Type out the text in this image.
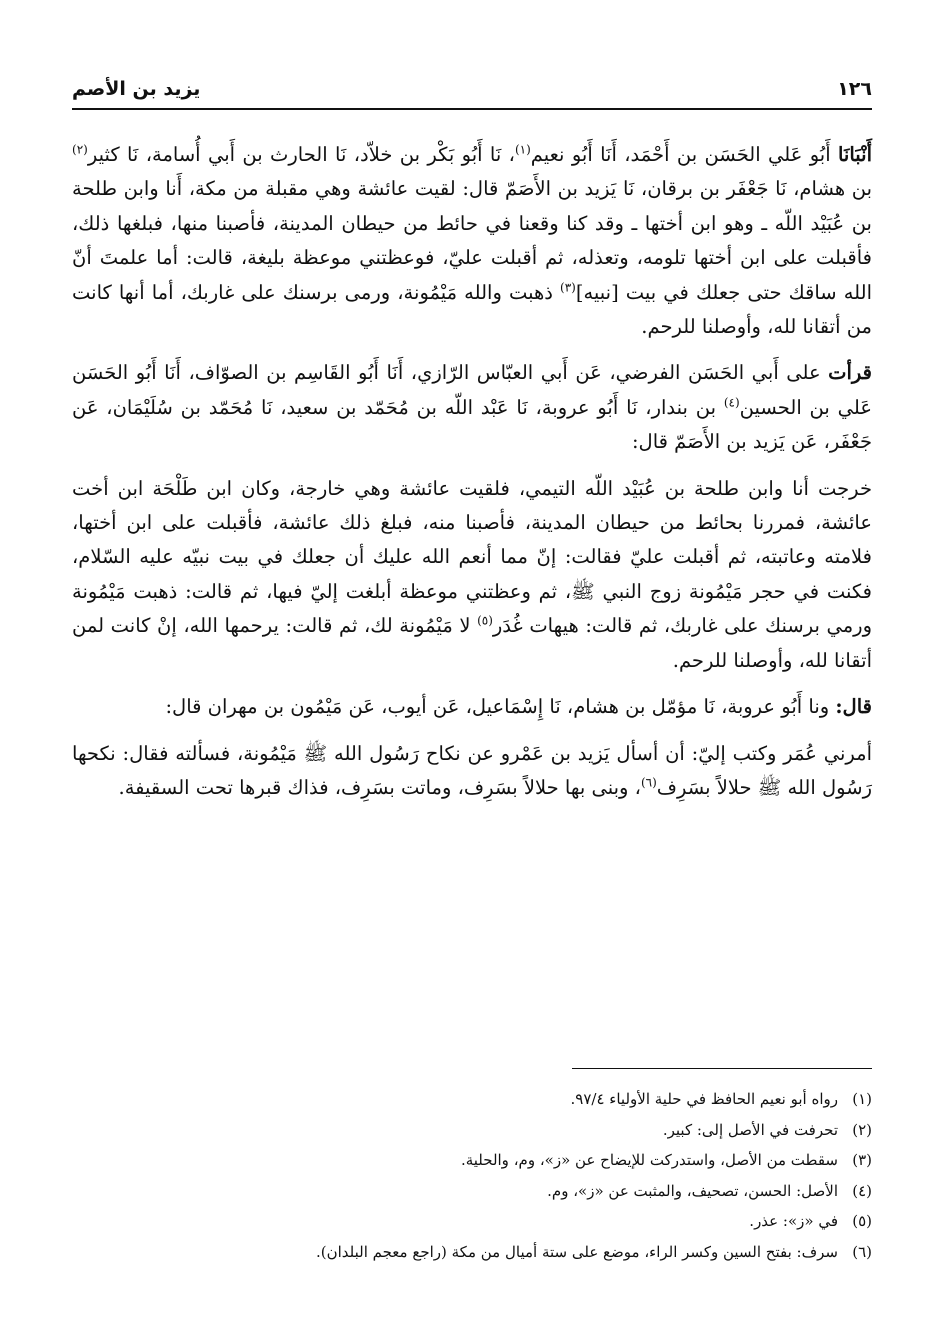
١٢٦
يزيد بن الأصم

أَنْبَانَا أَبُو عَلي الحَسَن بن أَحْمَد، أَنَا أَبُو نعيم$^{(١)}$، نَا أَبُو بَكْر بن خلاّد، نَا الحارث بن أَبي أُسامة، نَا كثير$^{(٢)}$ بن هشام، نَا جَعْفَر بن برقان، نَا يَزيد بن الأَصَمّ قال: لقيت عائشة وهي مقبلة من مكة، أَنا وابن طلحة بن عُبَيْد اللّه ـ وهو ابن أختها ـ وقد كنا وقعنا في حائط من حيطان المدينة، فأصبنا منها، فبلغها ذلك، فأقبلت على ابن أختها تلومه، وتعذله، ثم أقبلت عليّ، فوعظتني موعظة بليغة، قالت: أما علمتَ أنّ الله ساقك حتى جعلك في بيت [نبيه]$^{(٣)}$ ذهبت والله مَيْمُونة، ورمى برسنك على غاربك، أما أنها كانت من أتقانا لله، وأوصلنا للرحم.

قرأت على أَبي الحَسَن الفرضي، عَن أَبي العبّاس الرّازي، أَنَا أَبُو القَاسِم بن الصوّاف، أَنَا أَبُو الحَسَن عَلي بن الحسين$^{(٤)}$ بن بندار، نَا أَبُو عروبة، نَا عَبْد اللّه بن مُحَمّد بن سعيد، نَا مُحَمّد بن سُلَيْمَان، عَن جَعْفَر، عَن يَزيد بن الأَصَمّ قال:

خرجت أنا وابن طلحة بن عُبَيْد اللّه التيمي، فلقيت عائشة وهي خارجة، وكان ابن طَلْحَة ابن أخت عائشة، فمررنا بحائط من حيطان المدينة، فأصبنا منه، فبلغ ذلك عائشة، فأقبلت على ابن أختها، فلامته وعاتبته، ثم أقبلت عليّ فقالت: إنّ مما أنعم الله عليك أن جعلك في بيت نبيّه عليه السّلام، فكنت في حجر مَيْمُونة زوج النبي ﷺ، ثم وعظتني موعظة أبلغت إليّ فيها، ثم قالت: ذهبت مَيْمُونة ورمي برسنك على غاربك، ثم قالت: هيهات غُدَر$^{(٥)}$ لا مَيْمُونة لك، ثم قالت: يرحمها الله، إنْ كانت لمن أتقانا لله، وأوصلنا للرحم.

قال: ونا أَبُو عروبة، نَا مؤمّل بن هشام، نَا إِسْمَاعيل، عَن أيوب، عَن مَيْمُون بن مهران قال:

أمرني عُمَر وكتب إليّ: أن أسأل يَزيد بن عَمْرو عن نكاح رَسُول الله ﷺ مَيْمُونة، فسألته فقال: نكحها رَسُول الله ﷺ حلالاً بسَرِف$^{(٦)}$، وبنى بها حلالاً بسَرِف، وماتت بسَرِف، فذاك قبرها تحت السقيفة.

(١)
رواه أبو نعيم الحافظ في حلية الأولياء ٩٧/٤.
(٢)
تحرفت في الأصل إلى: كبير.
(٣)
سقطت من الأصل، واستدركت للإيضاح عن «ز»، وم، والحلية.
(٤)
الأصل: الحسن، تصحيف، والمثبت عن «ز»، وم.
(٥)
في «ز»: عذر.
(٦)
سرف: بفتح السين وكسر الراء، موضع على ستة أميال من مكة (راجع معجم البلدان).
